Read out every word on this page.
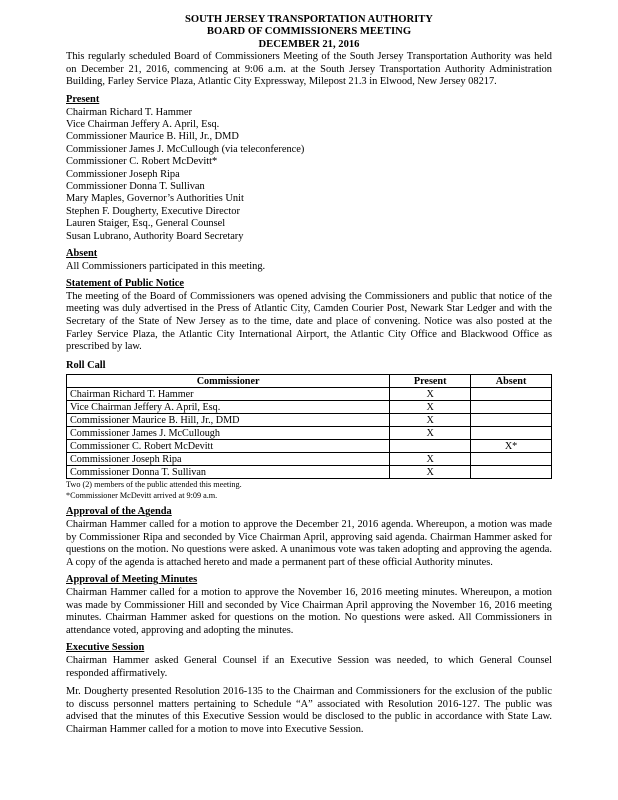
SOUTH JERSEY TRANSPORTATION AUTHORITY
BOARD OF COMMISSIONERS MEETING
DECEMBER 21, 2016

This regularly scheduled Board of Commissioners Meeting of the South Jersey Transportation Authority was held on December 21, 2016, commencing at 9:06 a.m. at the South Jersey Transportation Authority Administration Building, Farley Service Plaza, Atlantic City Expressway, Milepost 21.3 in Elwood, New Jersey 08217.

Present
Chairman Richard T. Hammer
Vice Chairman Jeffery A. April, Esq.
Commissioner Maurice B. Hill, Jr., DMD
Commissioner James J. McCullough (via teleconference)
Commissioner C. Robert McDevitt*
Commissioner Joseph Ripa
Commissioner Donna T. Sullivan
Mary Maples, Governor’s Authorities Unit
Stephen F. Dougherty, Executive Director
Lauren Staiger, Esq., General Counsel
Susan Lubrano, Authority Board Secretary
Absent

All Commissioners participated in this meeting.

Statement of Public Notice

The meeting of the Board of Commissioners was opened advising the Commissioners and public that notice of the meeting was duly advertised in the Press of Atlantic City, Camden Courier Post, Newark Star Ledger and with the Secretary of the State of New Jersey as to the time, date and place of convening. Notice was also posted at the Farley Service Plaza, the Atlantic City International Airport, the Atlantic City Office and Blackwood Office as prescribed by law.

Roll Call
Commissioner	Present	Absent
Chairman Richard T. Hammer	X	
Vice Chairman Jeffery A. April, Esq.	X	
Commissioner Maurice B. Hill, Jr., DMD	X	
Commissioner James J. McCullough	X	
Commissioner C. Robert McDevitt		X*
Commissioner Joseph Ripa	X	
Commissioner Donna T. Sullivan	X	
Two (2) members of the public attended this meeting.
*Commissioner McDevitt arrived at 9:09 a.m.
Approval of the Agenda

Chairman Hammer called for a motion to approve the December 21, 2016 agenda. Whereupon, a motion was made by Commissioner Ripa and seconded by Vice Chairman April, approving said agenda. Chairman Hammer asked for questions on the motion. No questions were asked. A unanimous vote was taken adopting and approving the agenda. A copy of the agenda is attached hereto and made a permanent part of these official Authority minutes.

Approval of Meeting Minutes

Chairman Hammer called for a motion to approve the November 16, 2016 meeting minutes. Whereupon, a motion was made by Commissioner Hill and seconded by Vice Chairman April approving the November 16, 2016 meeting minutes. Chairman Hammer asked for questions on the motion. No questions were asked. All Commissioners in attendance voted, approving and adopting the minutes.

Executive Session

Chairman Hammer asked General Counsel if an Executive Session was needed, to which General Counsel responded affirmatively.

Mr. Dougherty presented Resolution 2016-135 to the Chairman and Commissioners for the exclusion of the public to discuss personnel matters pertaining to Schedule “A” associated with Resolution 2016-127. The public was advised that the minutes of this Executive Session would be disclosed to the public in accordance with State Law. Chairman Hammer called for a motion to move into Executive Session.
